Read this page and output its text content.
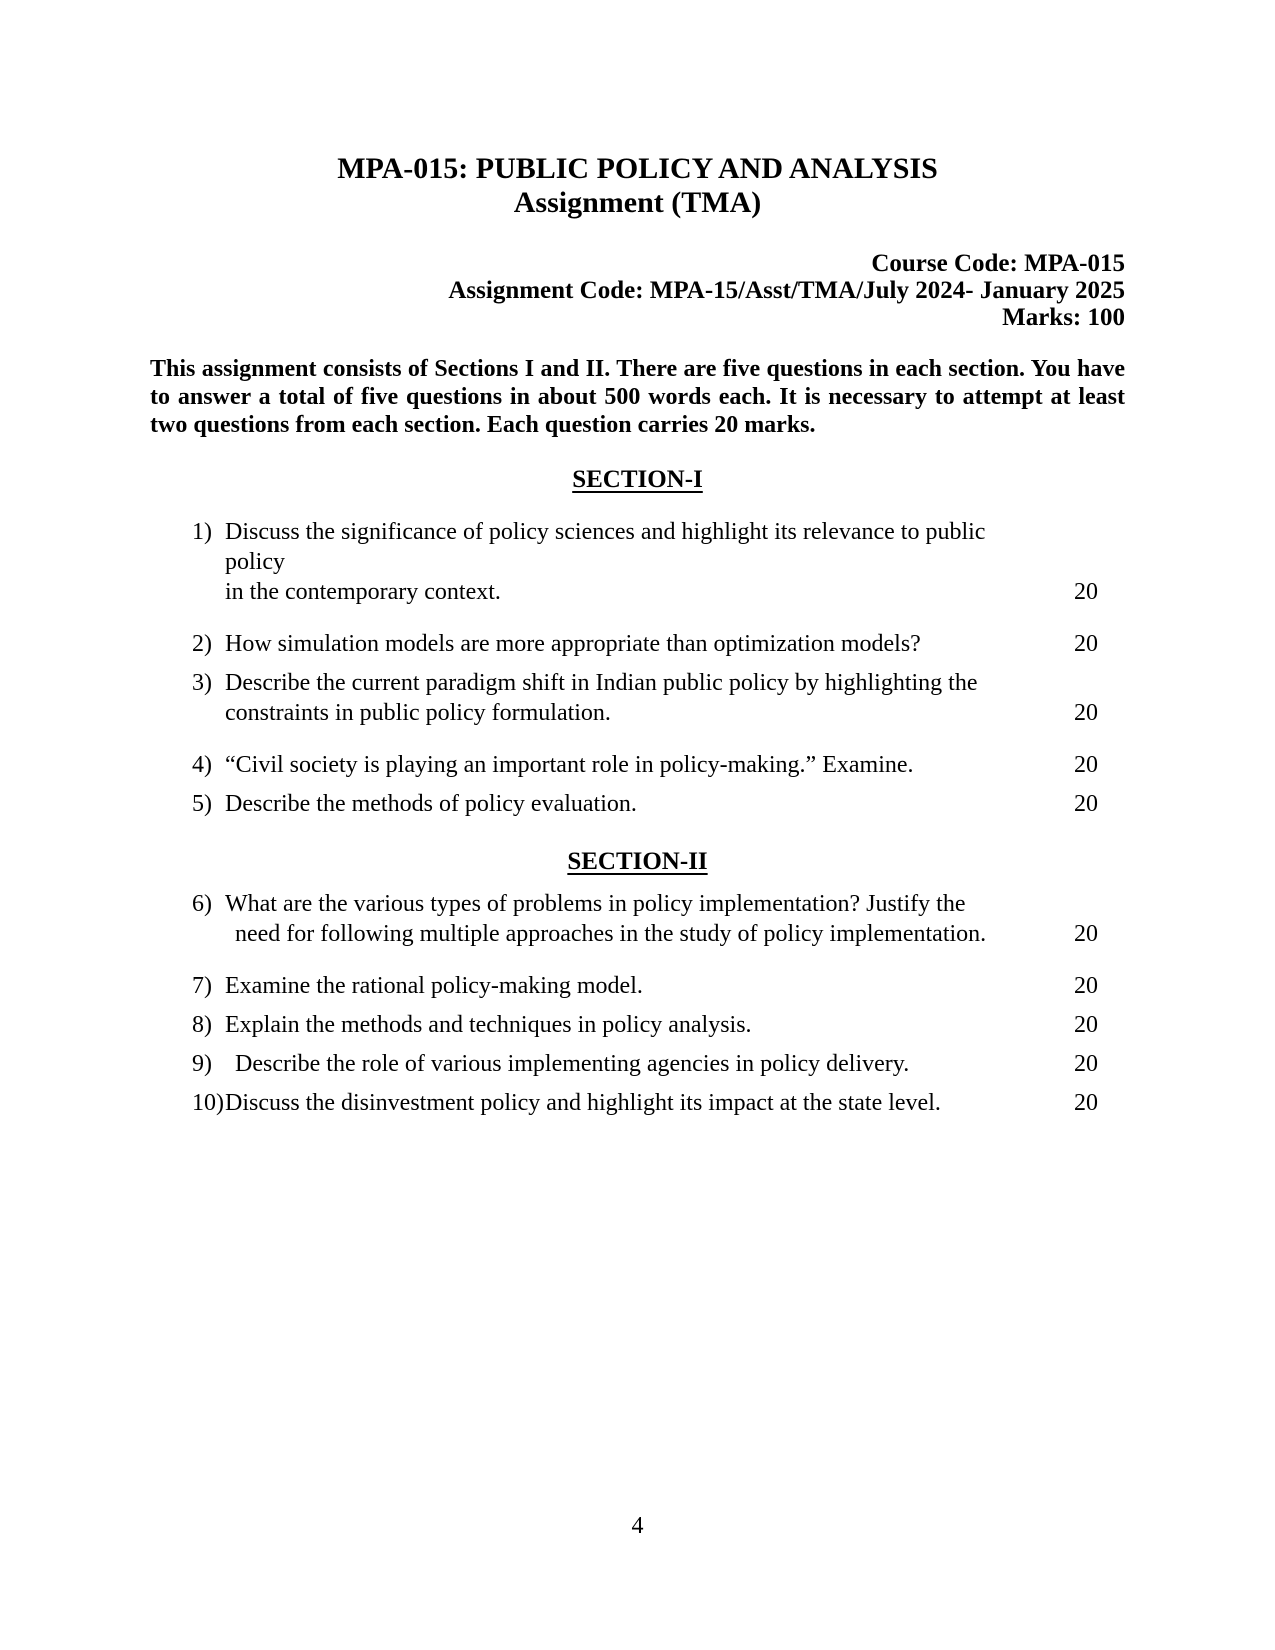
MPA-015: PUBLIC POLICY AND ANALYSIS
Assignment (TMA)
Course Code: MPA-015
Assignment Code: MPA-15/Asst/TMA/July 2024- January 2025
Marks: 100

This assignment consists of Sections I and II. There are five questions in each section. You have to answer a total of five questions in about 500 words each. It is necessary to attempt at least two questions from each section. Each question carries 20 marks.

SECTION-I
1) Discuss the significance of policy sciences and highlight its relevance to public policy
in the contemporary context.	20
2) How simulation models are more appropriate than optimization models?	20
3) Describe the current paradigm shift in Indian public policy by highlighting the
constraints in public policy formulation.	20
4) “Civil society is playing an important role in policy-making.” Examine.	20
5) Describe the methods of policy evaluation.	20
SECTION-II
6) What are the various types of problems in policy implementation? Justify the
need for following multiple approaches in the study of policy implementation.	20
7) Examine the rational policy-making model.	20
8) Explain the methods and techniques in policy analysis.	20
9) Describe the role of various implementing agencies in policy delivery.	20
10) Discuss the disinvestment policy and highlight its impact at the state level.	20
4
